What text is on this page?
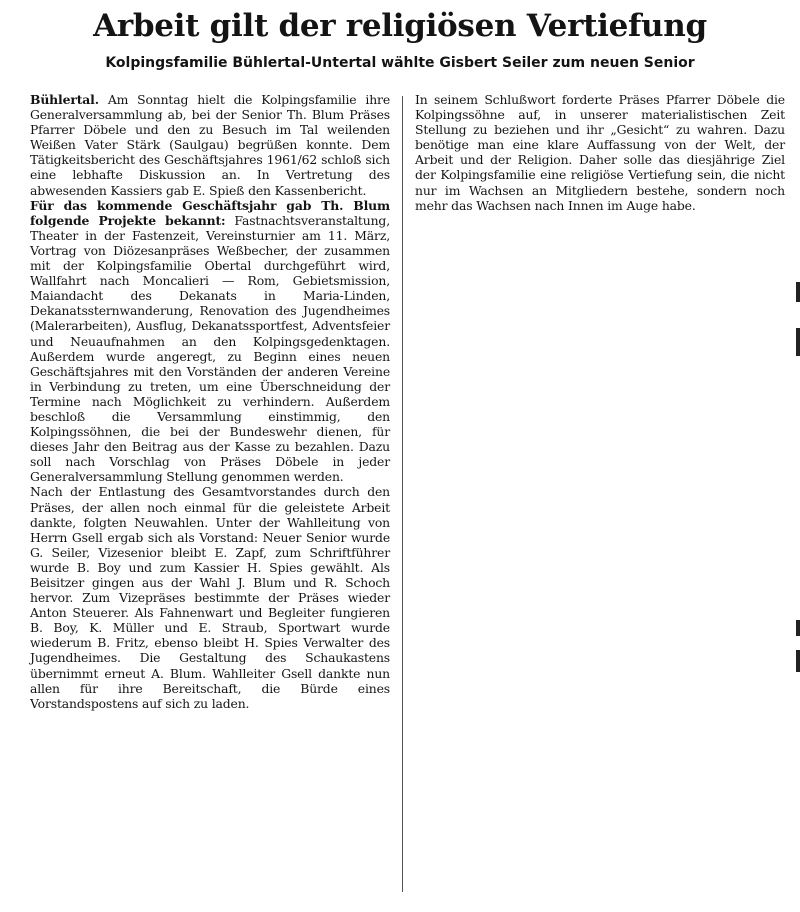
Arbeit gilt der religiösen Vertiefung
Kolpingsfamilie Bühlertal-Untertal wählte Gisbert Seiler zum neuen Senior

Bühlertal. Am Sonntag hielt die Kolpingsfamilie ihre Generalversammlung ab, bei der Senior Th. Blum Präses Pfarrer Döbele und den zu Besuch im Tal weilenden Weißen Vater Stärk (Saulgau) begrüßen konnte. Dem Tätigkeitsbericht des Geschäftsjahres 1961/62 schloß sich eine lebhafte Diskussion an. In Vertretung des abwesenden Kassiers gab E. Spieß den Kassenbericht.

Für das kommende Geschäftsjahr gab Th. Blum folgende Projekte bekannt: Fastnachtsveranstaltung, Theater in der Fastenzeit, Vereinsturnier am 11. März, Vortrag von Diözesanpräses Weßbecher, der zusammen mit der Kolpingsfamilie Obertal durchgeführt wird, Wallfahrt nach Moncalieri — Rom, Gebietsmission, Maiandacht des Dekanats in Maria-Linden, Dekanatssternwanderung, Renovation des Jugendheimes (Malerarbeiten), Ausflug, Dekanatssportfest, Adventsfeier und Neuaufnahmen an den Kolpingsgedenktagen. Außerdem wurde angeregt, zu Beginn eines neuen Geschäftsjahres mit den Vorständen der anderen Vereine in Verbindung zu treten, um eine Überschneidung der Termine nach Möglichkeit zu verhindern. Außerdem beschloß die Versammlung einstimmig, den Kolpingssöhnen, die bei der Bundeswehr dienen, für dieses Jahr den Beitrag aus der Kasse zu bezahlen. Dazu soll nach Vorschlag von Präses Döbele in jeder Generalversammlung Stellung genommen werden.

Nach der Entlastung des Gesamtvorstandes durch den Präses, der allen noch einmal für die geleistete Arbeit dankte, folgten Neuwahlen. Unter der Wahlleitung von Herrn Gsell ergab sich als Vorstand: Neuer Senior wurde G. Seiler, Vizesenior bleibt E. Zapf, zum Schriftführer wurde B. Boy und zum Kassier H. Spies gewählt. Als Beisitzer gingen aus der Wahl J. Blum und R. Schoch hervor. Zum Vizepräses bestimmte der Präses wieder Anton Steuerer. Als Fahnenwart und Begleiter fungieren B. Boy, K. Müller und E. Straub, Sportwart wurde wiederum B. Fritz, ebenso bleibt H. Spies Verwalter des Jugendheimes. Die Gestaltung des Schaukastens übernimmt erneut A. Blum. Wahlleiter Gsell dankte nun allen für ihre Bereitschaft, die Bürde eines Vorstandspostens auf sich zu laden.

In seinem Schlußwort forderte Präses Pfarrer Döbele die Kolpingssöhne auf, in unserer materialistischen Zeit Stellung zu beziehen und ihr „Gesicht“ zu wahren. Dazu benötige man eine klare Auffassung von der Welt, der Arbeit und der Religion. Daher solle das diesjährige Ziel der Kolpingsfamilie eine religiöse Vertiefung sein, die nicht nur im Wachsen an Mitgliedern bestehe, sondern noch mehr das Wachsen nach Innen im Auge habe.
